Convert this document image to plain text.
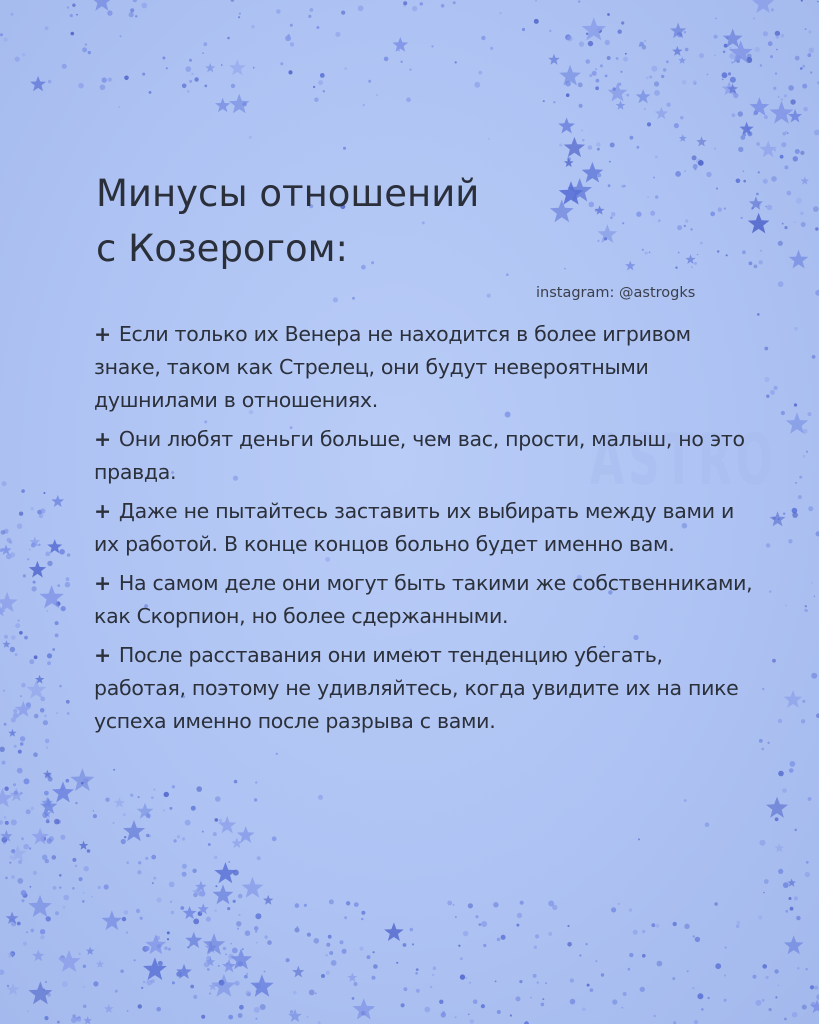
ASTRO
Минусы отношений
с Козерогом:
instagram: @astrogks
+ Если только их Венера не находится в более игривом знаке, таком как Стрелец, они будут невероятными душнилами в отношениях.
+ Они любят деньги больше, чем вас, прости, малыш, но это правда.
+ Даже не пытайтесь заставить их выбирать между вами и их работой. В конце концов больно будет именно вам.
+ На самом деле они могут быть такими же собственниками, как Скорпион, но более сдержанными.
+ После расставания они имеют тенденцию убегать, работая, поэтому не удивляйтесь, когда увидите их на пике успеха именно после разрыва с вами.
